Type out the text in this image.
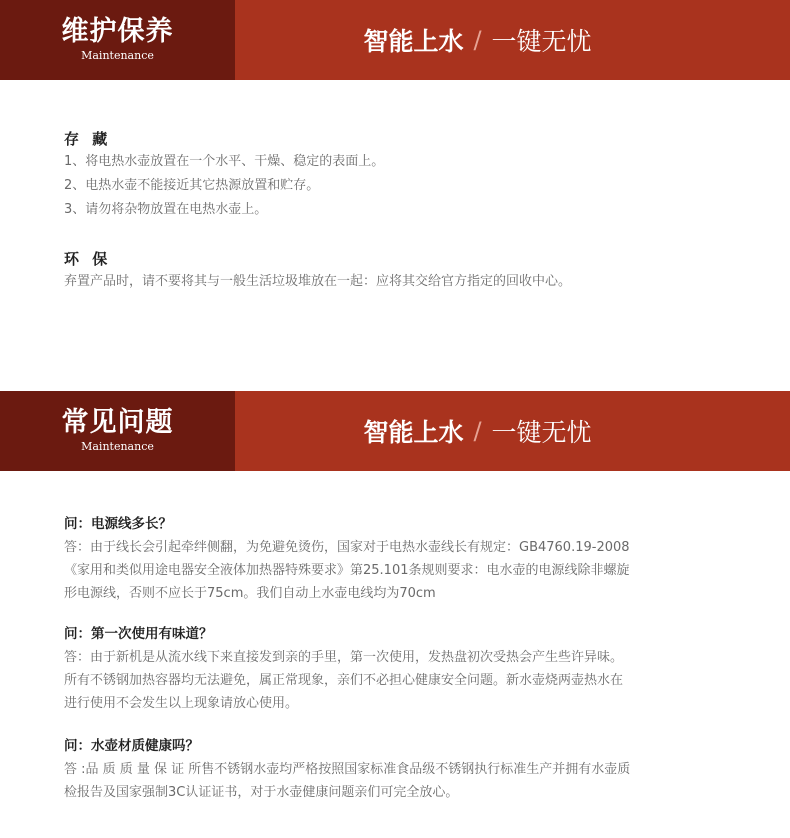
维护保养
Maintenance	智能上水 / 一键无忧
存 藏
1、将电热水壶放置在一个水平、干燥、稳定的表面上。
2、电热水壶不能接近其它热源放置和贮存。
3、请勿将杂物放置在电热水壶上。
环 保
弃置产品时，请不要将其与一般生活垃圾堆放在一起：应将其交给官方指定的回收中心。
常见问题
Maintenance	智能上水 / 一键无忧
问：电源线多长？
答：由于线长会引起牵绊侧翻，为免避免烫伤，国家对于电热水壶线长有规定：GB4760.19-2008
《家用和类似用途电器安全液体加热器特殊要求》第25.101条规则要求：电水壶的电源线除非螺旋
形电源线，否则不应长于75cm。我们自动上水壶电线均为70cm
问：第一次使用有味道？
答：由于新机是从流水线下来直接发到亲的手里，第一次使用，发热盘初次受热会产生些许异味。
所有不锈钢加热容器均无法避免，属正常现象，亲们不必担心健康安全问题。新水壶烧两壶热水在
进行使用不会发生以上现象请放心使用。
问：水壶材质健康吗？
答 :品 质 质 量 保 证 所售不锈钢水壶均严格按照国家标准食品级不锈钢执行标准生产并拥有水壶质
检报告及国家强制3C认证证书，对于水壶健康问题亲们可完全放心。
